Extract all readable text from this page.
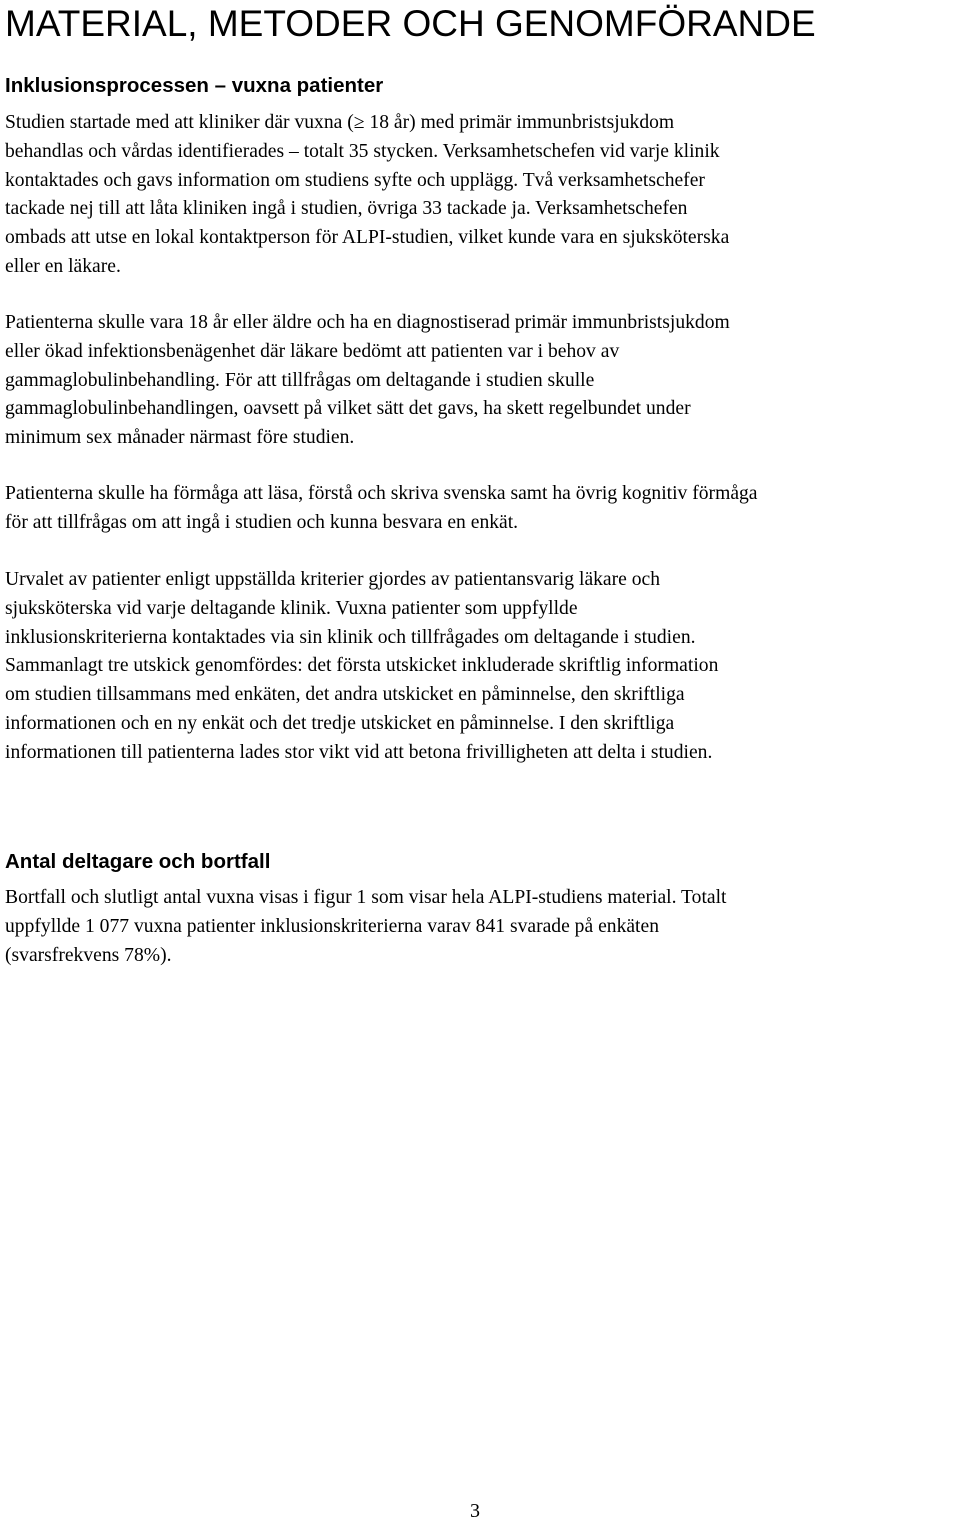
MATERIAL, METODER OCH GENOMFÖRANDE
Inklusionsprocessen – vuxna patienter

Studien startade med att kliniker där vuxna (≥ 18 år) med primär immunbristsjukdom
behandlas och vårdas identifierades – totalt 35 stycken. Verksamhetschefen vid varje klinik
kontaktades och gavs information om studiens syfte och upplägg. Två verksamhetschefer
tackade nej till att låta kliniken ingå i studien, övriga 33 tackade ja. Verksamhetschefen
ombads att utse en lokal kontaktperson för ALPI-studien, vilket kunde vara en sjuksköterska
eller en läkare.

Patienterna skulle vara 18 år eller äldre och ha en diagnostiserad primär immunbristsjukdom
eller ökad infektionsbenägenhet där läkare bedömt att patienten var i behov av
gammaglobulinbehandling. För att tillfrågas om deltagande i studien skulle
gammaglobulinbehandlingen, oavsett på vilket sätt det gavs, ha skett regelbundet under
minimum sex månader närmast före studien.

Patienterna skulle ha förmåga att läsa, förstå och skriva svenska samt ha övrig kognitiv förmåga
för att tillfrågas om att ingå i studien och kunna besvara en enkät.

Urvalet av patienter enligt uppställda kriterier gjordes av patientansvarig läkare och
sjuksköterska vid varje deltagande klinik. Vuxna patienter som uppfyllde
inklusionskriterierna kontaktades via sin klinik och tillfrågades om deltagande i studien.
Sammanlagt tre utskick genomfördes: det första utskicket inkluderade skriftlig information
om studien tillsammans med enkäten, det andra utskicket en påminnelse, den skriftliga
informationen och en ny enkät och det tredje utskicket en påminnelse. I den skriftliga
informationen till patienterna lades stor vikt vid att betona frivilligheten att delta i studien.

Antal deltagare och bortfall

Bortfall och slutligt antal vuxna visas i figur 1 som visar hela ALPI-studiens material. Totalt
uppfyllde 1 077 vuxna patienter inklusionskriterierna varav 841 svarade på enkäten
(svarsfrekvens 78%).

3
